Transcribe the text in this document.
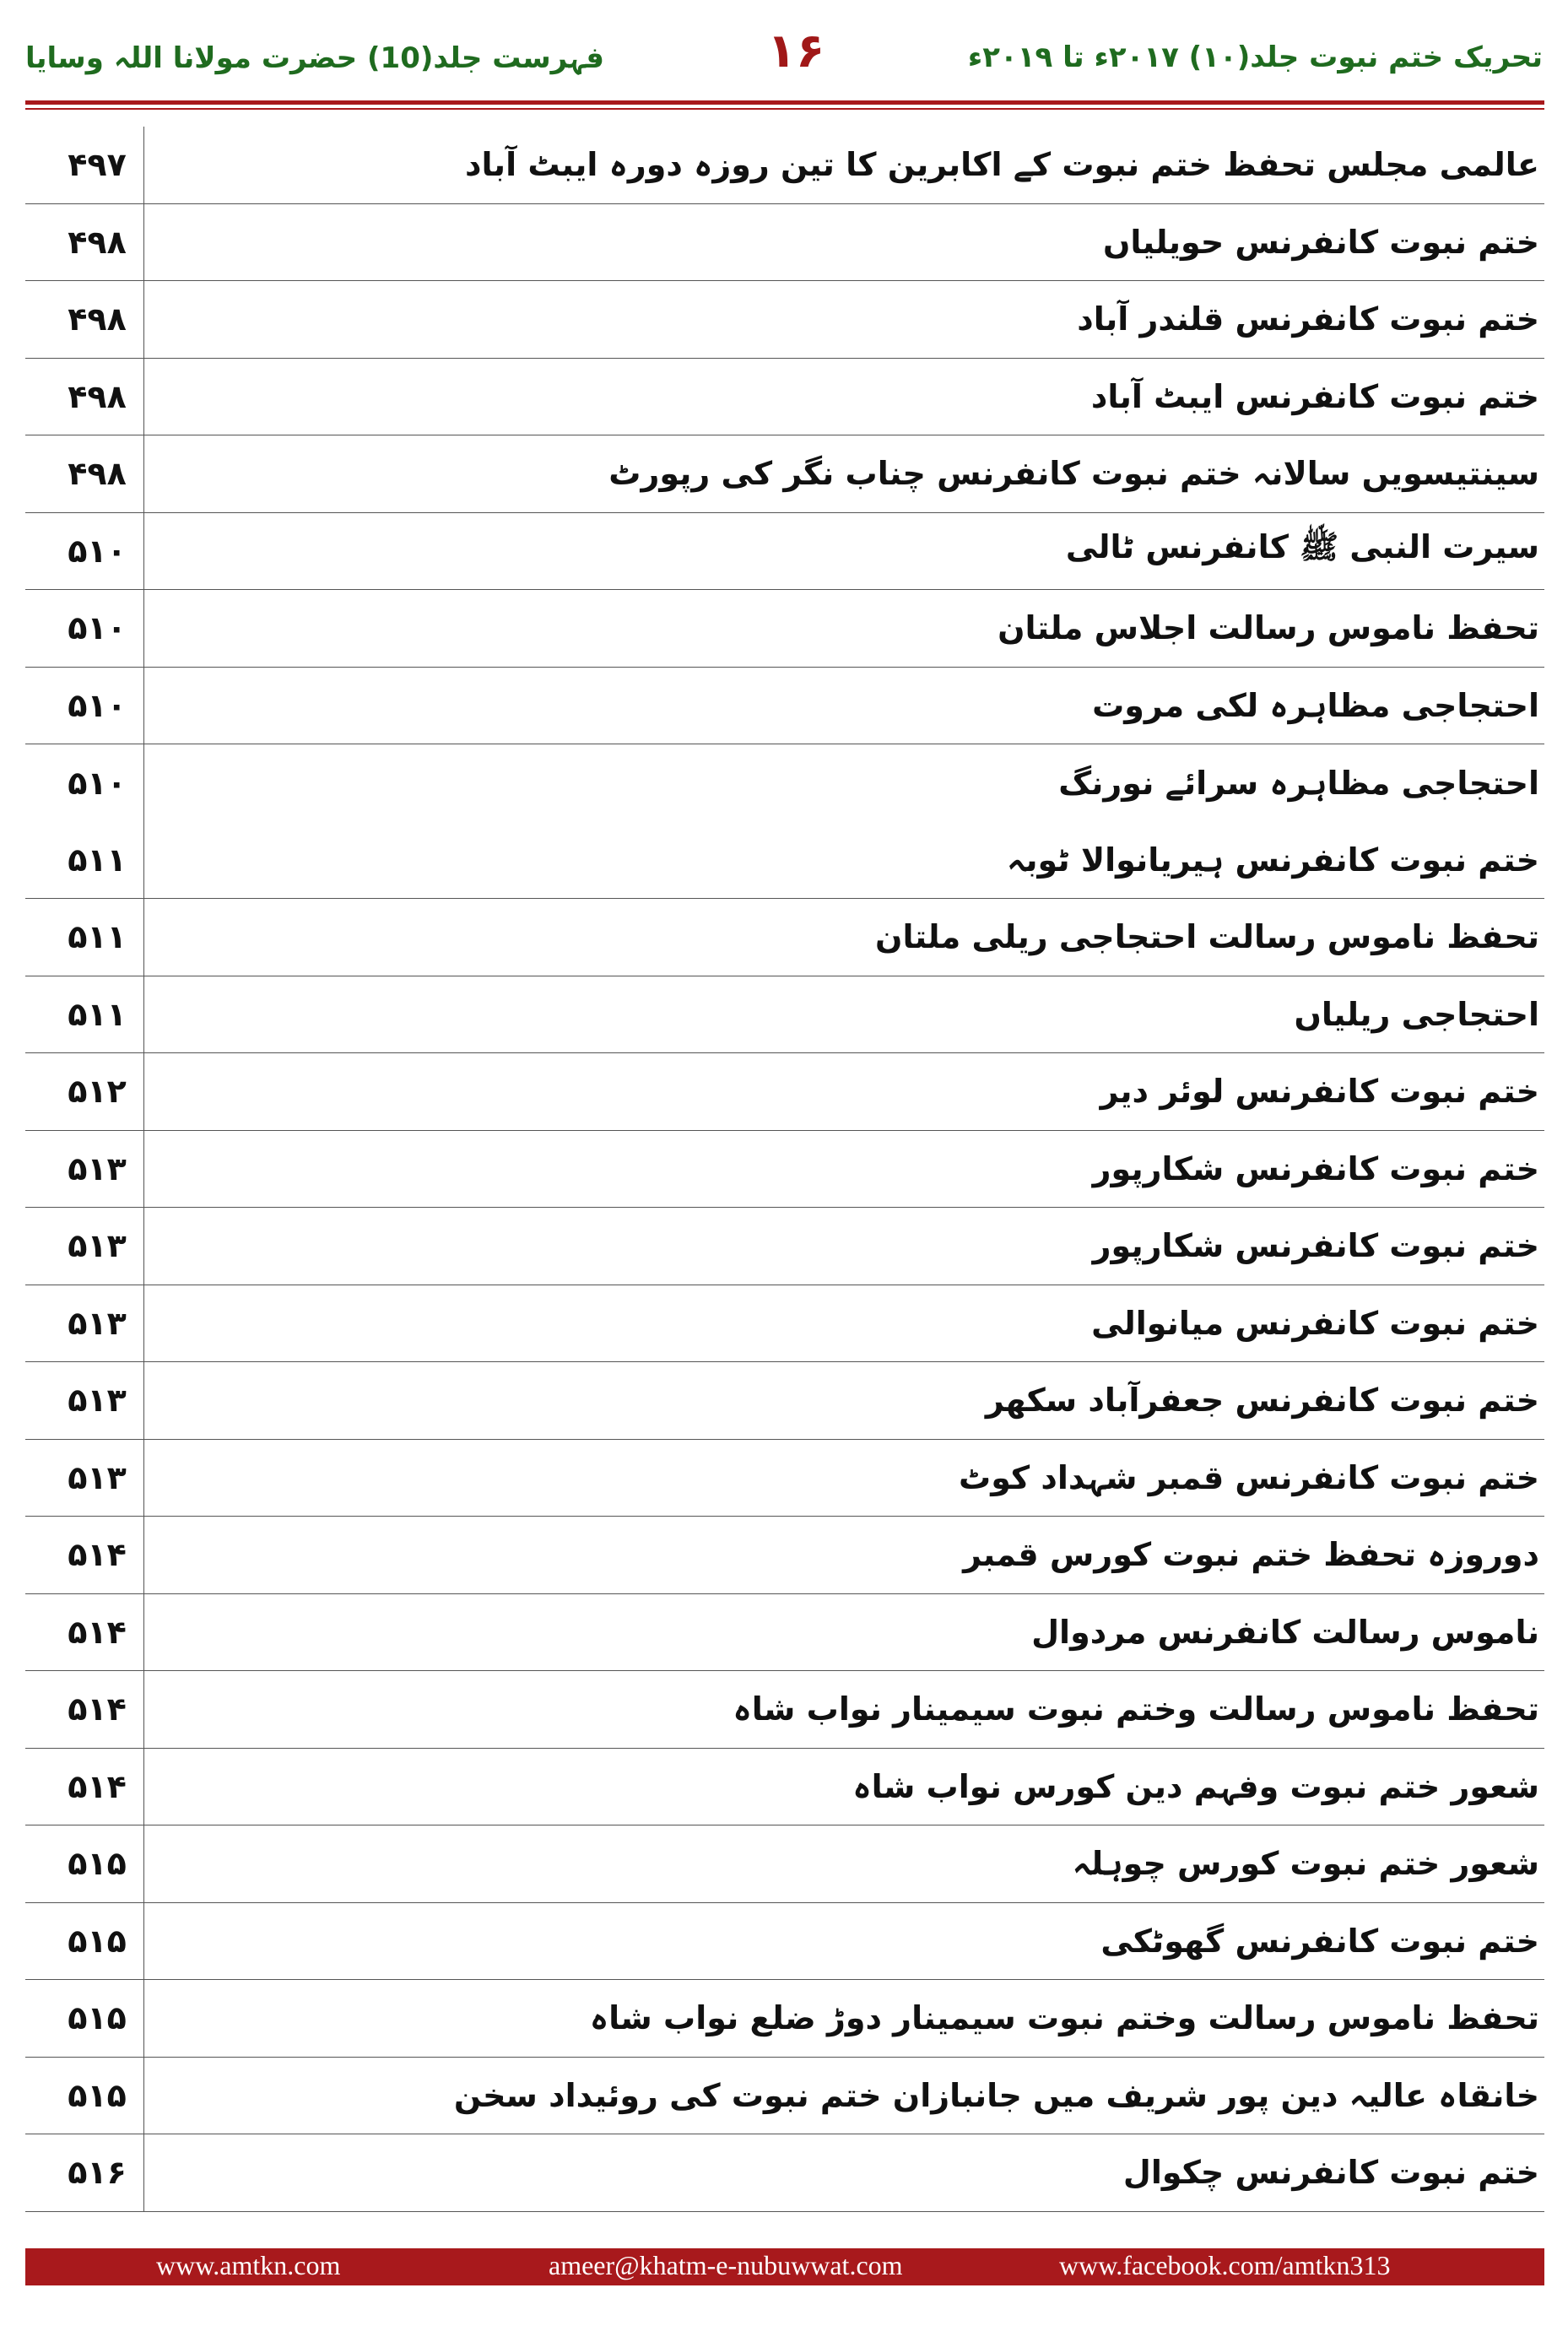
فہرست جلد(10) حضرت مولانا اللہ وسایا	۱۶	تحریک ختم نبوت جلد(۱۰) ۲۰۱۷ء تا ۲۰۱۹ء
۴۹۷	عالمی مجلس تحفظ ختم نبوت کے اکابرین کا تین روزہ دورہ ایبٹ آباد
۴۹۸	ختم نبوت کانفرنس حویلیاں
۴۹۸	ختم نبوت کانفرنس قلندر آباد
۴۹۸	ختم نبوت کانفرنس ایبٹ آباد
۴۹۸	سینتیسویں سالانہ ختم نبوت کانفرنس چناب نگر کی رپورٹ
۵۱۰	سیرت النبی ﷺ کانفرنس ٹالی
۵۱۰	تحفظ ناموس رسالت اجلاس ملتان
۵۱۰	احتجاجی مظاہرہ لکی مروت
۵۱۰	احتجاجی مظاہرہ سرائے نورنگ
۵۱۱	ختم نبوت کانفرنس ہیریانوالا ٹوبہ
۵۱۱	تحفظ ناموس رسالت احتجاجی ریلی ملتان
۵۱۱	احتجاجی ریلیاں
۵۱۲	ختم نبوت کانفرنس لوئر دیر
۵۱۳	ختم نبوت کانفرنس شکارپور
۵۱۳	ختم نبوت کانفرنس شکارپور
۵۱۳	ختم نبوت کانفرنس میانوالی
۵۱۳	ختم نبوت کانفرنس جعفرآباد سکھر
۵۱۳	ختم نبوت کانفرنس قمبر شہداد کوٹ
۵۱۴	دوروزہ تحفظ ختم نبوت کورس قمبر
۵۱۴	ناموس رسالت کانفرنس مردوال
۵۱۴	تحفظ ناموس رسالت وختم نبوت سیمینار نواب شاہ
۵۱۴	شعور ختم نبوت وفہم دین کورس نواب شاہ
۵۱۵	شعور ختم نبوت کورس چوہلہ
۵۱۵	ختم نبوت کانفرنس گھوٹکی
۵۱۵	تحفظ ناموس رسالت وختم نبوت سیمینار دوڑ ضلع نواب شاہ
۵۱۵	خانقاہ عالیہ دین پور شریف میں جانبازان ختم نبوت کی روئیداد سخن
۵۱۶	ختم نبوت کانفرنس چکوال
www.amtkn.com	ameer@khatm-e-nubuwwat.com	www.facebook.com/amtkn313
